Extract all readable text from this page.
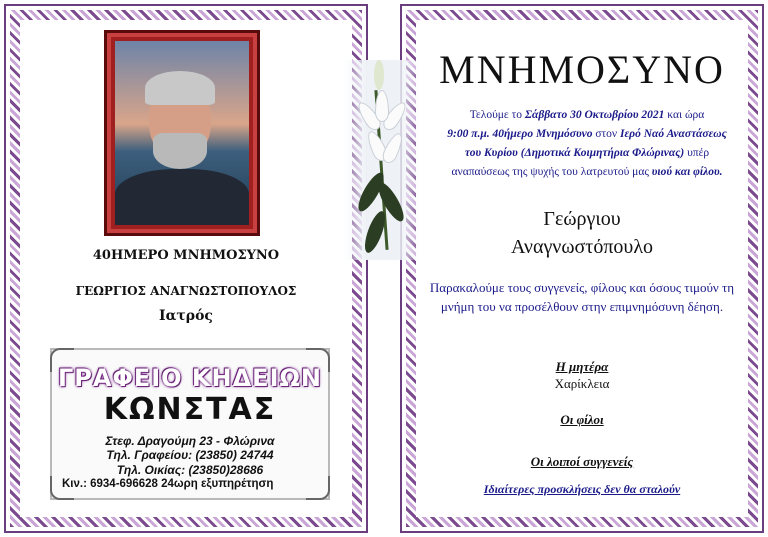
40ΗΜΕΡΟ ΜΝΗΜΟΣΥΝΟ
ΓΕΩΡΓΙΟΣ ΑΝΑΓΝΩΣΤΟΠΟΥΛΟΣ
Ιατρός
ΓΡΑΦΕΙΟ ΚΗΔΕΙΩΝ
ΚΩΝΣΤΑΣ
Στεφ. Δραγούμη 23 - Φλώρινα
Τηλ. Γραφείου: (23850) 24744
Τηλ. Οικίας: (23850)28686
Κιν.: 6934-696628 24ωρη εξυπηρέτηση
ΜΝΗΜΟΣΥΝΟ
Τελούμε το Σάββατο 30 Οκτωβρίου 2021 και ώρα
9:00 π.μ. 40ήμερο Μνημόσυνο στον Ιερό Ναό Αναστάσεως
του Κυρίου (Δημοτικά Κοιμητήρια Φλώρινας) υπέρ
αναπαύσεως της ψυχής του λατρευτού μας υιού και φίλου.
Γεώργιου
Αναγνωστόπουλο
Παρακαλούμε τους συγγενείς, φίλους και όσους τιμούν τη μνήμη του να προσέλθουν στην επιμνημόσυνη δέηση.
Η μητέρα
Χαρίκλεια
Οι φίλοι
Οι λοιποί συγγενείς
Ιδιαίτερες προσκλήσεις δεν θα σταλούν
